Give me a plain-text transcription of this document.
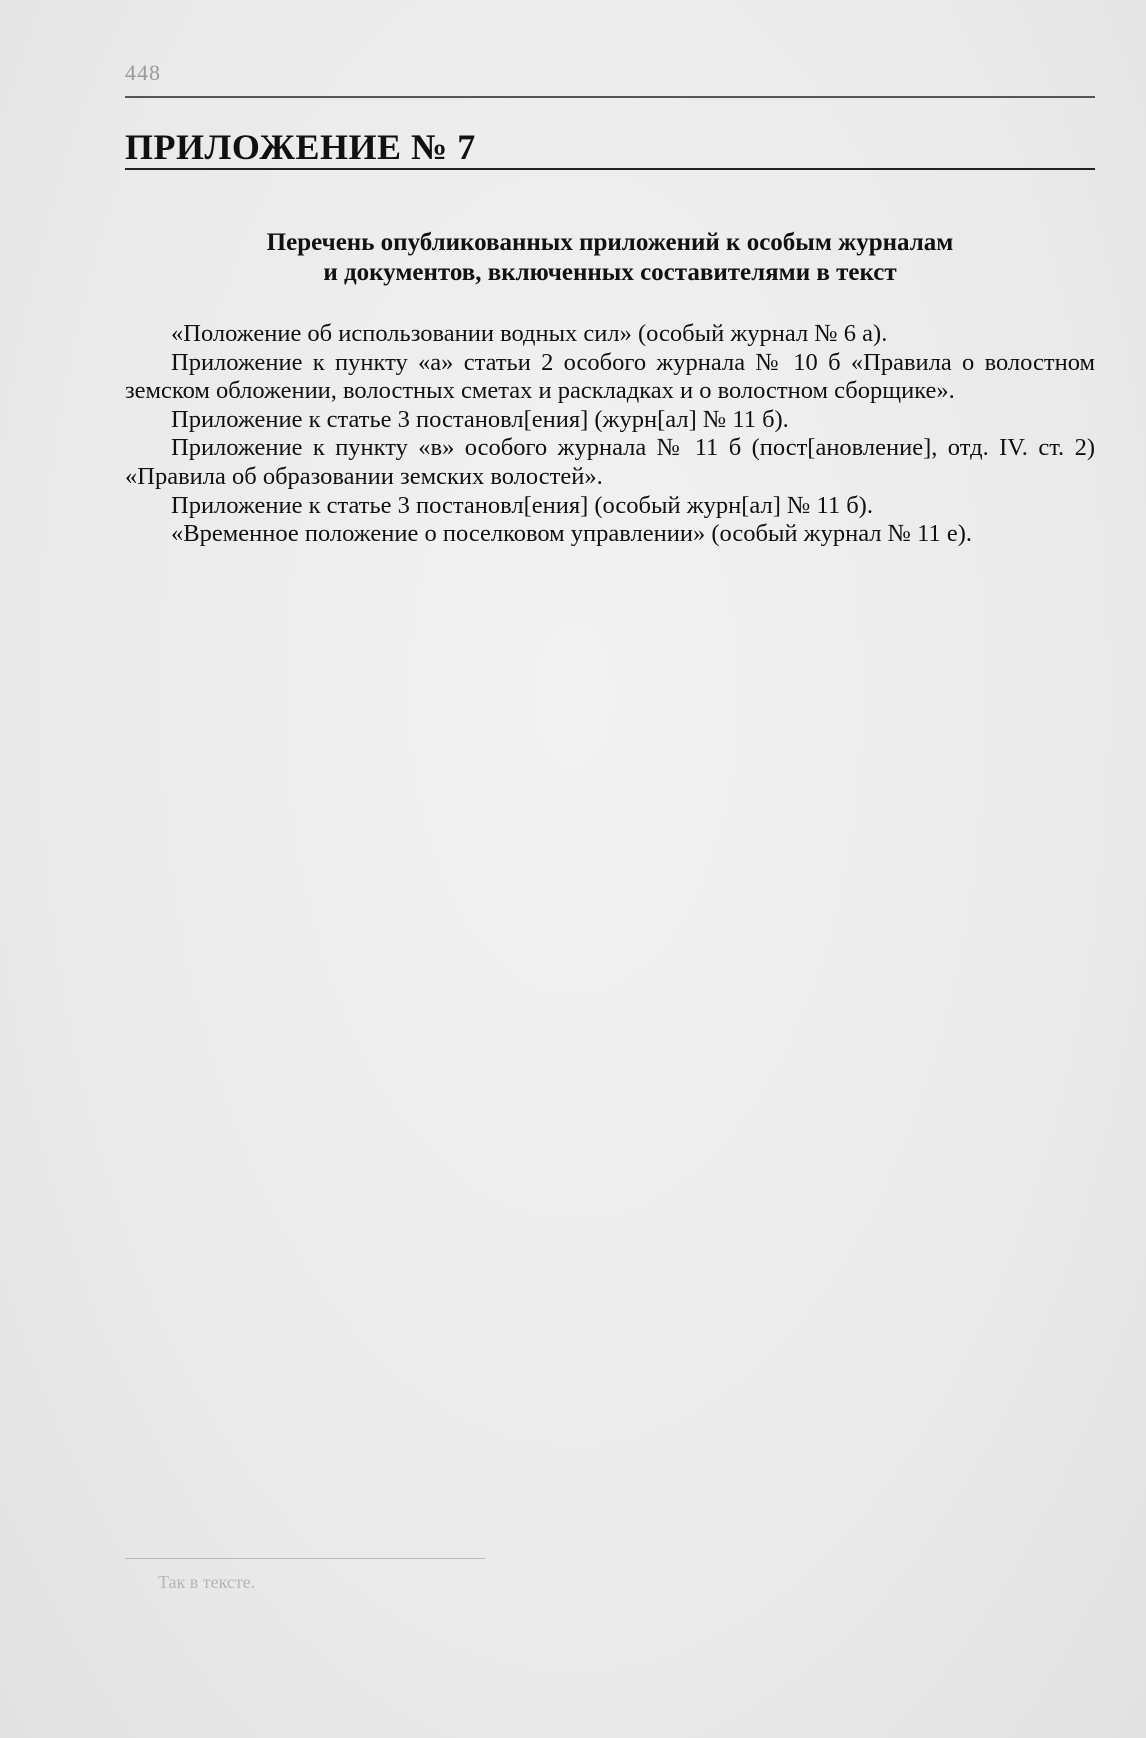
448
ПРИЛОЖЕНИЕ № 7
Перечень опубликованных приложений к особым журналам
и документов, включенных составителями в текст

«Положение об использовании водных сил» (особый журнал № 6 а).

Приложение к пункту «а» статьи 2 особого журнала № 10 б «Правила о волостном земском обложении, волостных сметах и раскладках и о волостном сборщике».

Приложение к статье 3 постановл[ения] (журн[ал] № 11 б).

Приложение к пункту «в» особого журнала № 11 б (пост[ановление], отд. IV. ст. 2) «Правила об образовании земских волостей».

Приложение к статье 3 постановл[ения] (особый журн[ал] № 11 б).

«Временное положение о поселковом управлении» (особый журнал № 11 е).

Так в тексте.
